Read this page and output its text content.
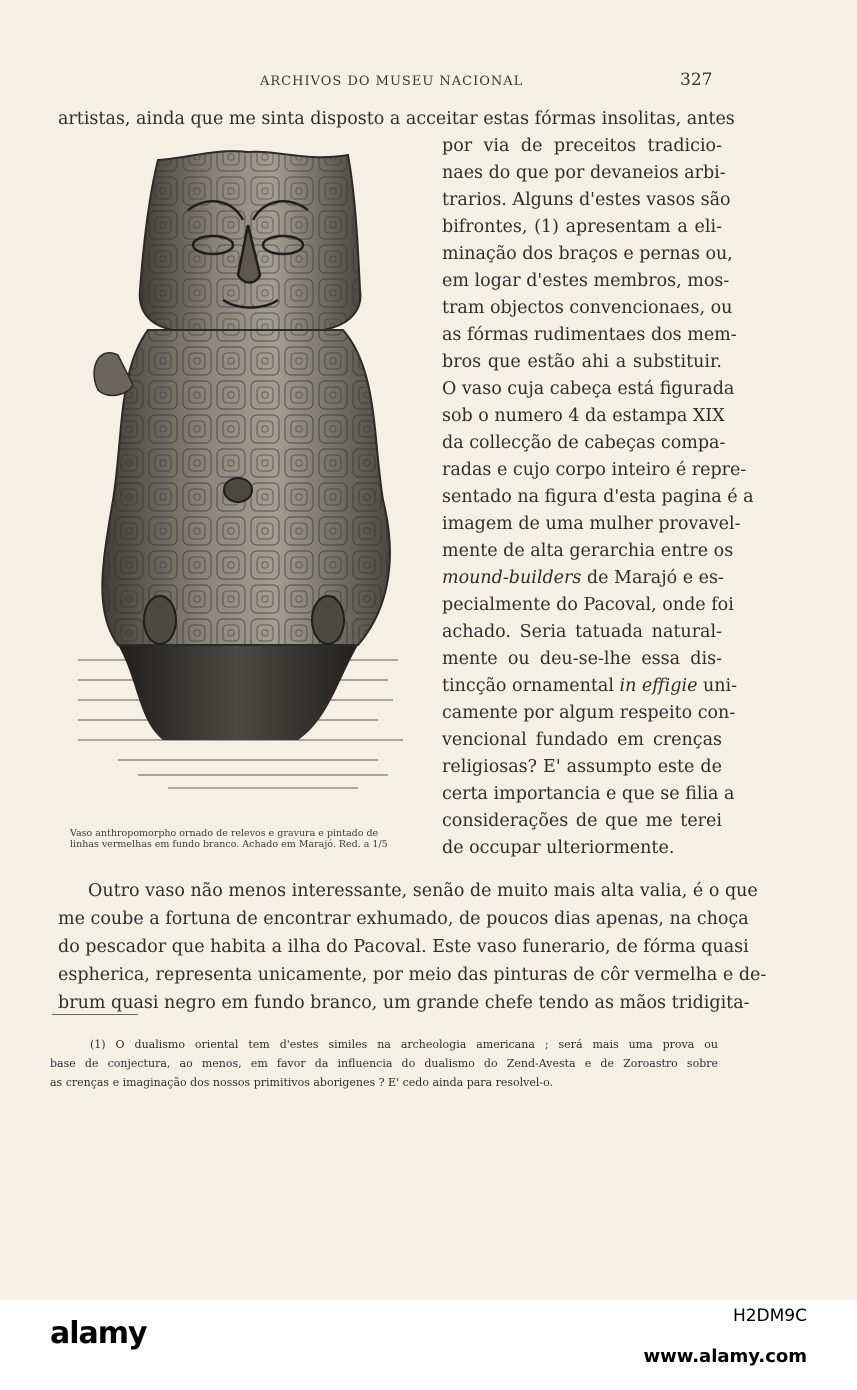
ARCHIVOS DO MUSEU NACIONAL	327
artistas, ainda que me sinta disposto a acceitar estas fórmas insolitas, antes
por via de preceitos tradicio-
naes do que por devaneios arbi-
trarios. Alguns d'estes vasos são
bifrontes, (1) apresentam a eli-
minação dos braços e pernas ou,
em logar d'estes membros, mos-
tram objectos convencionaes, ou
as fórmas rudimentaes dos mem-
bros que estão ahi a substituir.
O vaso cuja cabeça está figurada
sob o numero 4 da estampa XIX
da collecção de cabeças compa-
radas e cujo corpo inteiro é repre-
sentado na figura d'esta pagina é a
imagem de uma mulher provavel-
mente de alta gerarchia entre os
mound-builders de Marajó e es-
pecialmente do Pacoval, onde foi
achado. Seria tatuada natural-
mente ou deu-se-lhe essa dis-
tincção ornamental in effigie uni-
camente por algum respeito con-
vencional fundado em crenças
religiosas? E' assumpto este de
certa importancia e que se filia a
considerações de que me terei
de occupar ulteriormente.
Outro vaso não menos interessante, senão de muito mais alta valia, é o que
me coube a fortuna de encontrar exhumado, de poucos dias apenas, na choça
do pescador que habita a ilha do Pacoval. Este vaso funerario, de fórma quasi
espherica, representa unicamente, por meio das pinturas de côr vermelha e de-
brum quasi negro em fundo branco, um grande chefe tendo as mãos tridigita-
Vaso anthropomorpho ornado de relevos e gravura e pintado de
linhas vermelhas em fundo branco. Achado em Marajó. Red. a 1/5
(1) O dualismo oriental tem d'estes similes na archeologia americana ; será mais uma prova ou
base de conjectura, ao menos, em favor da influencia do dualismo do Zend-Avesta e de Zoroastro sobre
as crenças e imaginação dos nossos primitivos aborigenes ? E' cedo ainda para resolvel-o.
alamy	H2DM9C
www.alamy.com
